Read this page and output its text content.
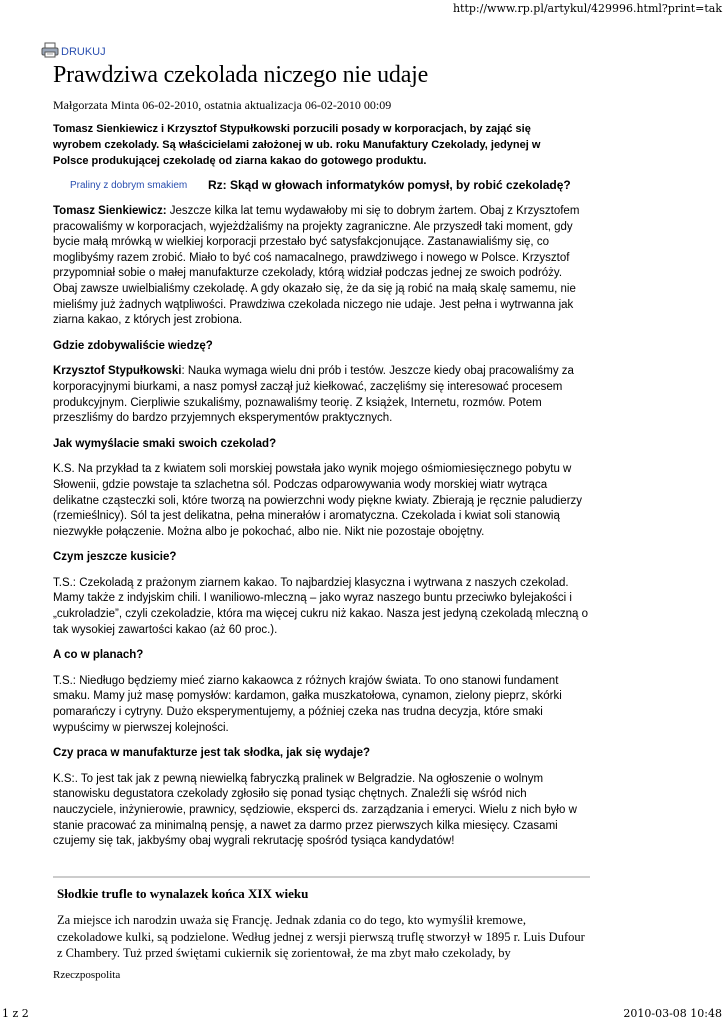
http://www.rp.pl/artykul/429996.html?print=tak
DRUKUJ
Prawdziwa czekolada niczego nie udaje
Małgorzata Minta 06-02-2010, ostatnia aktualizacja 06-02-2010 00:09
Tomasz Sienkiewicz i Krzysztof Stypułkowski porzucili posady w korporacjach, by zająć się wyrobem czekolady. Są właścicielami założonej w ub. roku Manufaktury Czekolady, jedynej w Polsce produkującej czekoladę od ziarna kakao do gotowego produktu.
Praliny z dobrym smakiem Rz: Skąd w głowach informatyków pomysł, by robić czekoladę?

Tomasz Sienkiewicz: Jeszcze kilka lat temu wydawałoby mi się to dobrym żartem. Obaj z Krzysztofem pracowaliśmy w korporacjach, wyjeżdżaliśmy na projekty zagraniczne. Ale przyszedł taki moment, gdy bycie małą mrówką w wielkiej korporacji przestało być satysfakcjonujące. Zastanawialiśmy się, co moglibyśmy razem zrobić. Miało to być coś namacalnego, prawdziwego i nowego w Polsce. Krzysztof przypomniał sobie o małej manufakturze czekolady, którą widział podczas jednej ze swoich podróży. Obaj zawsze uwielbialiśmy czekoladę. A gdy okazało się, że da się ją robić na małą skalę samemu, nie mieliśmy już żadnych wątpliwości. Prawdziwa czekolada niczego nie udaje. Jest pełna i wytrwanna jak ziarna kakao, z których jest zrobiona.

Gdzie zdobywaliście wiedzę?

Krzysztof Stypułkowski: Nauka wymaga wielu dni prób i testów. Jeszcze kiedy obaj pracowaliśmy za korporacyjnymi biurkami, a nasz pomysł zaczął już kiełkować, zaczęliśmy się interesować procesem produkcyjnym. Cierpliwie szukaliśmy, poznawaliśmy teorię. Z książek, Internetu, rozmów. Potem przeszliśmy do bardzo przyjemnych eksperymentów praktycznych.

Jak wymyślacie smaki swoich czekolad?

K.S. Na przykład ta z kwiatem soli morskiej powstała jako wynik mojego ośmiomiesięcznego pobytu w Słowenii, gdzie powstaje ta szlachetna sól. Podczas odparowywania wody morskiej wiatr wytrąca delikatne cząsteczki soli, które tworzą na powierzchni wody piękne kwiaty. Zbierają je ręcznie paludierzy (rzemieślnicy). Sól ta jest delikatna, pełna minerałów i aromatyczna. Czekolada i kwiat soli stanowią niezwykłe połączenie. Można albo je pokochać, albo nie. Nikt nie pozostaje obojętny.

Czym jeszcze kusicie?

T.S.: Czekoladą z prażonym ziarnem kakao. To najbardziej klasyczna i wytrwana z naszych czekolad. Mamy także z indyjskim chili. I waniliowo-mleczną – jako wyraz naszego buntu przeciwko bylejakości i „cukroladzie”, czyli czekoladzie, która ma więcej cukru niż kakao. Nasza jest jedyną czekoladą mleczną o tak wysokiej zawartości kakao (aż 60 proc.).

A co w planach?

T.S.: Niedługo będziemy mieć ziarno kakaowca z różnych krajów świata. To ono stanowi fundament smaku. Mamy już masę pomysłów: kardamon, gałka muszkatołowa, cynamon, zielony pieprz, skórki pomarańczy i cytryny. Dużo eksperymentujemy, a później czeka nas trudna decyzja, które smaki wypuścimy w pierwszej kolejności.

Czy praca w manufakturze jest tak słodka, jak się wydaje?

K.S:. To jest tak jak z pewną niewielką fabryczką pralinek w Belgradzie. Na ogłoszenie o wolnym stanowisku degustatora czekolady zgłosiło się ponad tysiąc chętnych. Znaleźli się wśród nich nauczyciele, inżynierowie, prawnicy, sędziowie, eksperci ds. zarządzania i emeryci. Wielu z nich było w stanie pracować za minimalną pensję, a nawet za darmo przez pierwszych kilka miesięcy. Czasami czujemy się tak, jakbyśmy obaj wygrali rekrutację spośród tysiąca kandydatów!

Słodkie trufle to wynalazek końca XIX wieku
Za miejsce ich narodzin uważa się Francję. Jednak zdania co do tego, kto wymyślił kremowe, czekoladowe kulki, są podzielone. Według jednej z wersji pierwszą truflę stworzył w 1895 r. Luis Dufour z Chambery. Tuż przed świętami cukiernik się zorientował, że ma zbyt mało czekolady, by
Rzeczpospolita
1 z 2	2010-03-08 10:48
